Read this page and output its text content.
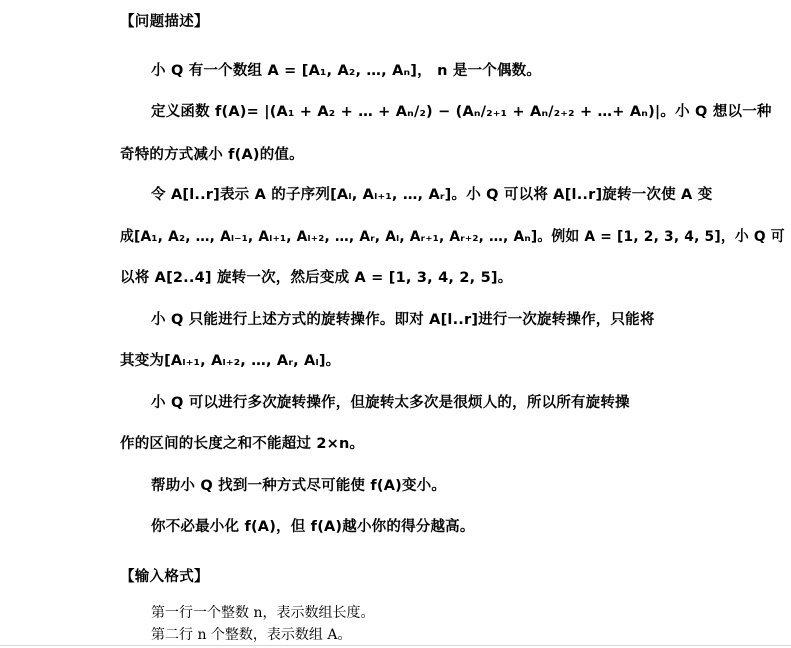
【问题描述】
小 Q 有一个数组 A = [A₁, A₂, …, Aₙ]， n 是一个偶数。
定义函数 f(A)= |(A₁ + A₂ + … + Aₙ/₂) − (Aₙ/₂₊₁ + Aₙ/₂₊₂ + …+ Aₙ)|。小 Q 想以一种
奇特的方式减小 f(A)的值。
令 A[l..r]表示 A 的子序列[Aₗ, Aₗ₊₁, …, Aᵣ]。小 Q 可以将 A[l..r]旋转一次使 A 变
成[A₁, A₂, …, Aₗ₋₁, Aₗ₊₁, Aₗ₊₂, …, Aᵣ, Aₗ, Aᵣ₊₁, Aᵣ₊₂, …, Aₙ]。例如 A = [1, 2, 3, 4, 5]，小 Q 可
以将 A[2..4] 旋转一次，然后变成 A = [1, 3, 4, 2, 5]。
小 Q 只能进行上述方式的旋转操作。即对 A[l..r]进行一次旋转操作，只能将
其变为[Aₗ₊₁, Aₗ₊₂, …, Aᵣ, Aₗ]。
小 Q 可以进行多次旋转操作，但旋转太多次是很烦人的，所以所有旋转操
作的区间的长度之和不能超过 2×n。
帮助小 Q 找到一种方式尽可能使 f(A)变小。
你不必最小化 f(A)，但 f(A)越小你的得分越高。
【输入格式】
第一行一个整数 n，表示数组长度。
第二行 n 个整数，表示数组 A。
